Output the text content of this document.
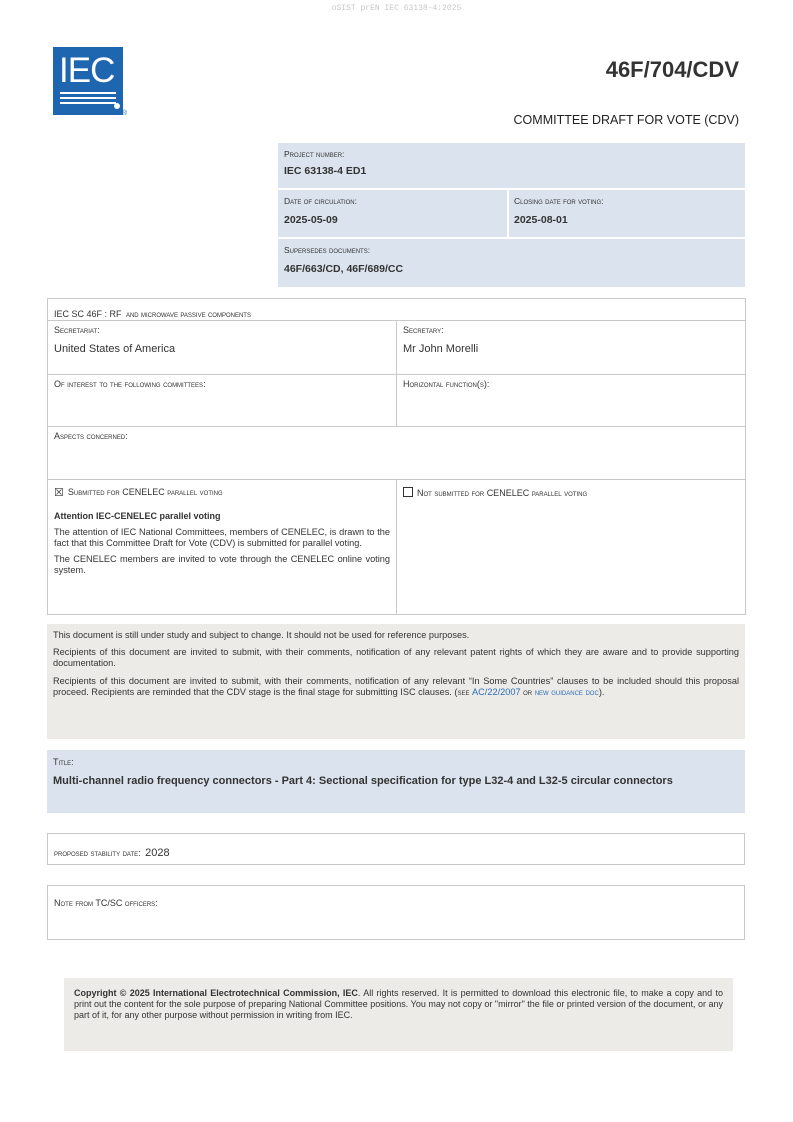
oSIST prEN IEC 63138-4:2025
IEC
®
46F/704/CDV
COMMITTEE DRAFT FOR VOTE (CDV)
Project number:
IEC 63138-4 ED1
Date of circulation:
2025-05-09
Closing date for voting:
2025-08-01
Supersedes documents:
46F/663/CD, 46F/689/CC
IEC SC 46F : RF and microwave passive components
Secretariat:
United States of America
Secretary:
Mr John Morelli
Of interest to the following committees:	Horizontal function(s):
Aspects concerned:
☒ Submitted for CENELEC parallel voting
Attention IEC-CENELEC parallel voting
The attention of IEC National Committees, members of CENELEC, is drawn to the fact that this Committee Draft for Vote (CDV) is submitted for parallel voting.
The CENELEC members are invited to vote through the CENELEC online voting system.
Not submitted for CENELEC parallel voting
This document is still under study and subject to change. It should not be used for reference purposes.
Recipients of this document are invited to submit, with their comments, notification of any relevant patent rights of which they are aware and to provide supporting documentation.
Recipients of this document are invited to submit, with their comments, notification of any relevant “In Some Countries” clauses to be included should this proposal proceed. Recipients are reminded that the CDV stage is the final stage for submitting ISC clauses. (see AC/22/2007 or new guidance doc).
Title:
Multi-channel radio frequency connectors - Part 4: Sectional specification for type L32-4 and L32-5 circular connectors
proposed stability date: 2028
Note from TC/SC officers:
Copyright © 2025 International Electrotechnical Commission, IEC. All rights reserved. It is permitted to download this electronic file, to make a copy and to print out the content for the sole purpose of preparing National Committee positions. You may not copy or "mirror" the file or printed version of the document, or any part of it, for any other purpose without permission in writing from IEC.
